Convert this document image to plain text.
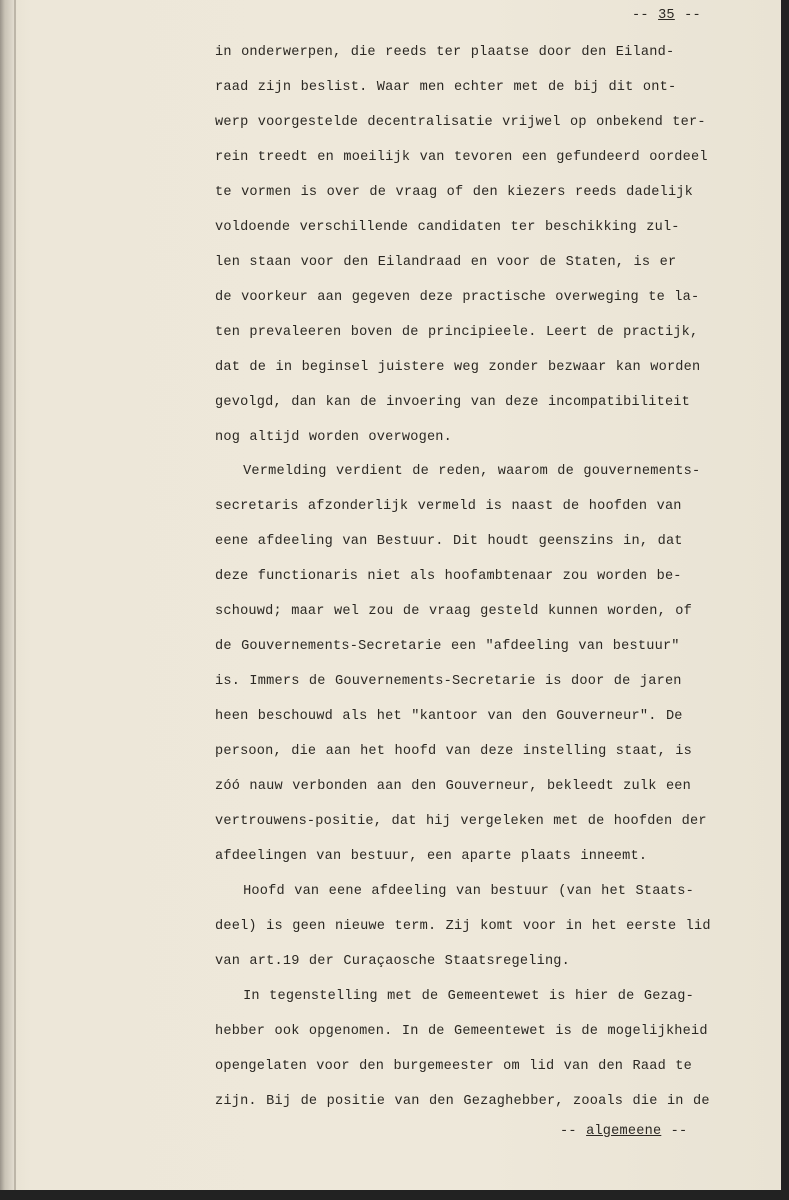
-- 35 --
in onderwerpen, die reeds ter plaatse door den Eiland-
raad zijn beslist. Waar men echter met de bij dit ont-
werp voorgestelde decentralisatie vrijwel op onbekend ter-
rein treedt en moeilijk van tevoren een gefundeerd oordeel
te vormen is over de vraag of den kiezers reeds dadelijk
voldoende verschillende candidaten ter beschikking zul-
len staan voor den Eilandraad en voor de Staten, is er
de voorkeur aan gegeven deze practische overweging te la-
ten prevaleeren boven de principieele. Leert de practijk,
dat de in beginsel juistere weg zonder bezwaar kan worden
gevolgd, dan kan de invoering van deze incompatibiliteit
nog altijd worden overwogen.
Vermelding verdient de reden, waarom de gouvernements-
secretaris afzonderlijk vermeld is naast de hoofden van
eene afdeeling van Bestuur. Dit houdt geenszins in, dat
deze functionaris niet als hoofambtenaar zou worden be-
schouwd; maar wel zou de vraag gesteld kunnen worden, of
de Gouvernements-Secretarie een "afdeeling van bestuur"
is. Immers de Gouvernements-Secretarie is door de jaren
heen beschouwd als het "kantoor van den Gouverneur". De
persoon, die aan het hoofd van deze instelling staat, is
zóó nauw verbonden aan den Gouverneur, bekleedt zulk een
vertrouwens-positie, dat hij vergeleken met de hoofden der
afdeelingen van bestuur, een aparte plaats inneemt.
Hoofd van eene afdeeling van bestuur (van het Staats-
deel) is geen nieuwe term. Zij komt voor in het eerste lid
van art.19 der Curaçaosche Staatsregeling.
In tegenstelling met de Gemeentewet is hier de Gezag-
hebber ook opgenomen. In de Gemeentewet is de mogelijkheid
opengelaten voor den burgemeester om lid van den Raad te
zijn. Bij de positie van den Gezaghebber, zooals die in de
-- algemeene --
